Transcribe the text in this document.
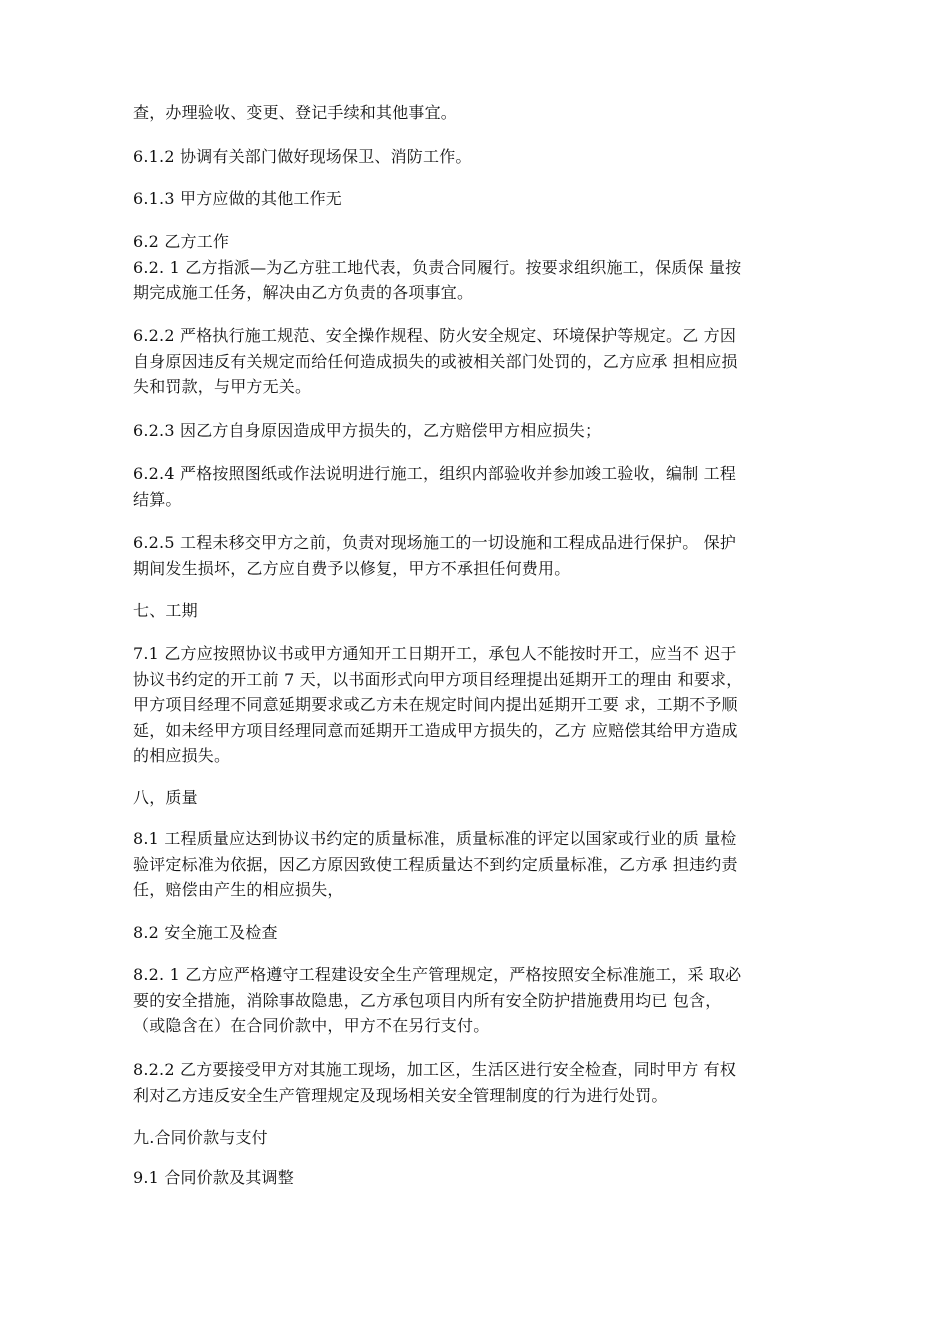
查，办理验收、变更、登记手续和其他事宜。

6.1.2 协调有关部门做好现场保卫、消防工作。

6.1.3 甲方应做的其他工作无

6.2 乙方工作
6.2. 1 乙方指派—为乙方驻工地代表，负责合同履行。按要求组织施工，保质保 量按
期完成施工任务，解决由乙方负责的各项事宜。

6.2.2 严格执行施工规范、安全操作规程、防火安全规定、环境保护等规定。乙 方因
自身原因违反有关规定而给任何造成损失的或被相关部门处罚的，乙方应承 担相应损
失和罚款，与甲方无关。

6.2.3 因乙方自身原因造成甲方损失的，乙方赔偿甲方相应损失；

6.2.4 严格按照图纸或作法说明进行施工，组织内部验收并参加竣工验收，编制 工程
结算。

6.2.5 工程未移交甲方之前，负责对现场施工的一切设施和工程成品进行保护。 保护
期间发生损坏，乙方应自费予以修复，甲方不承担任何费用。

七、工期

7.1 乙方应按照协议书或甲方通知开工日期开工，承包人不能按时开工，应当不 迟于
协议书约定的开工前 7 天，以书面形式向甲方项目经理提出延期开工的理由 和要求，
甲方项目经理不同意延期要求或乙方未在规定时间内提出延期开工要 求，工期不予顺
延，如未经甲方项目经理同意而延期开工造成甲方损失的，乙方 应赔偿其给甲方造成
的相应损失。

八，质量

8.1 工程质量应达到协议书约定的质量标准，质量标准的评定以国家或行业的质 量检
验评定标准为依据，因乙方原因致使工程质量达不到约定质量标准，乙方承 担违约责
任，赔偿由产生的相应损失，

8.2 安全施工及检查

8.2. 1 乙方应严格遵守工程建设安全生产管理规定，严格按照安全标准施工，采 取必
要的安全措施，消除事故隐患，乙方承包项目内所有安全防护措施费用均已 包含，
（或隐含在）在合同价款中，甲方不在另行支付。

8.2.2 乙方要接受甲方对其施工现场，加工区，生活区进行安全检查，同时甲方 有权
利对乙方违反安全生产管理规定及现场相关安全管理制度的行为进行处罚。

九.合同价款与支付

9.1 合同价款及其调整
